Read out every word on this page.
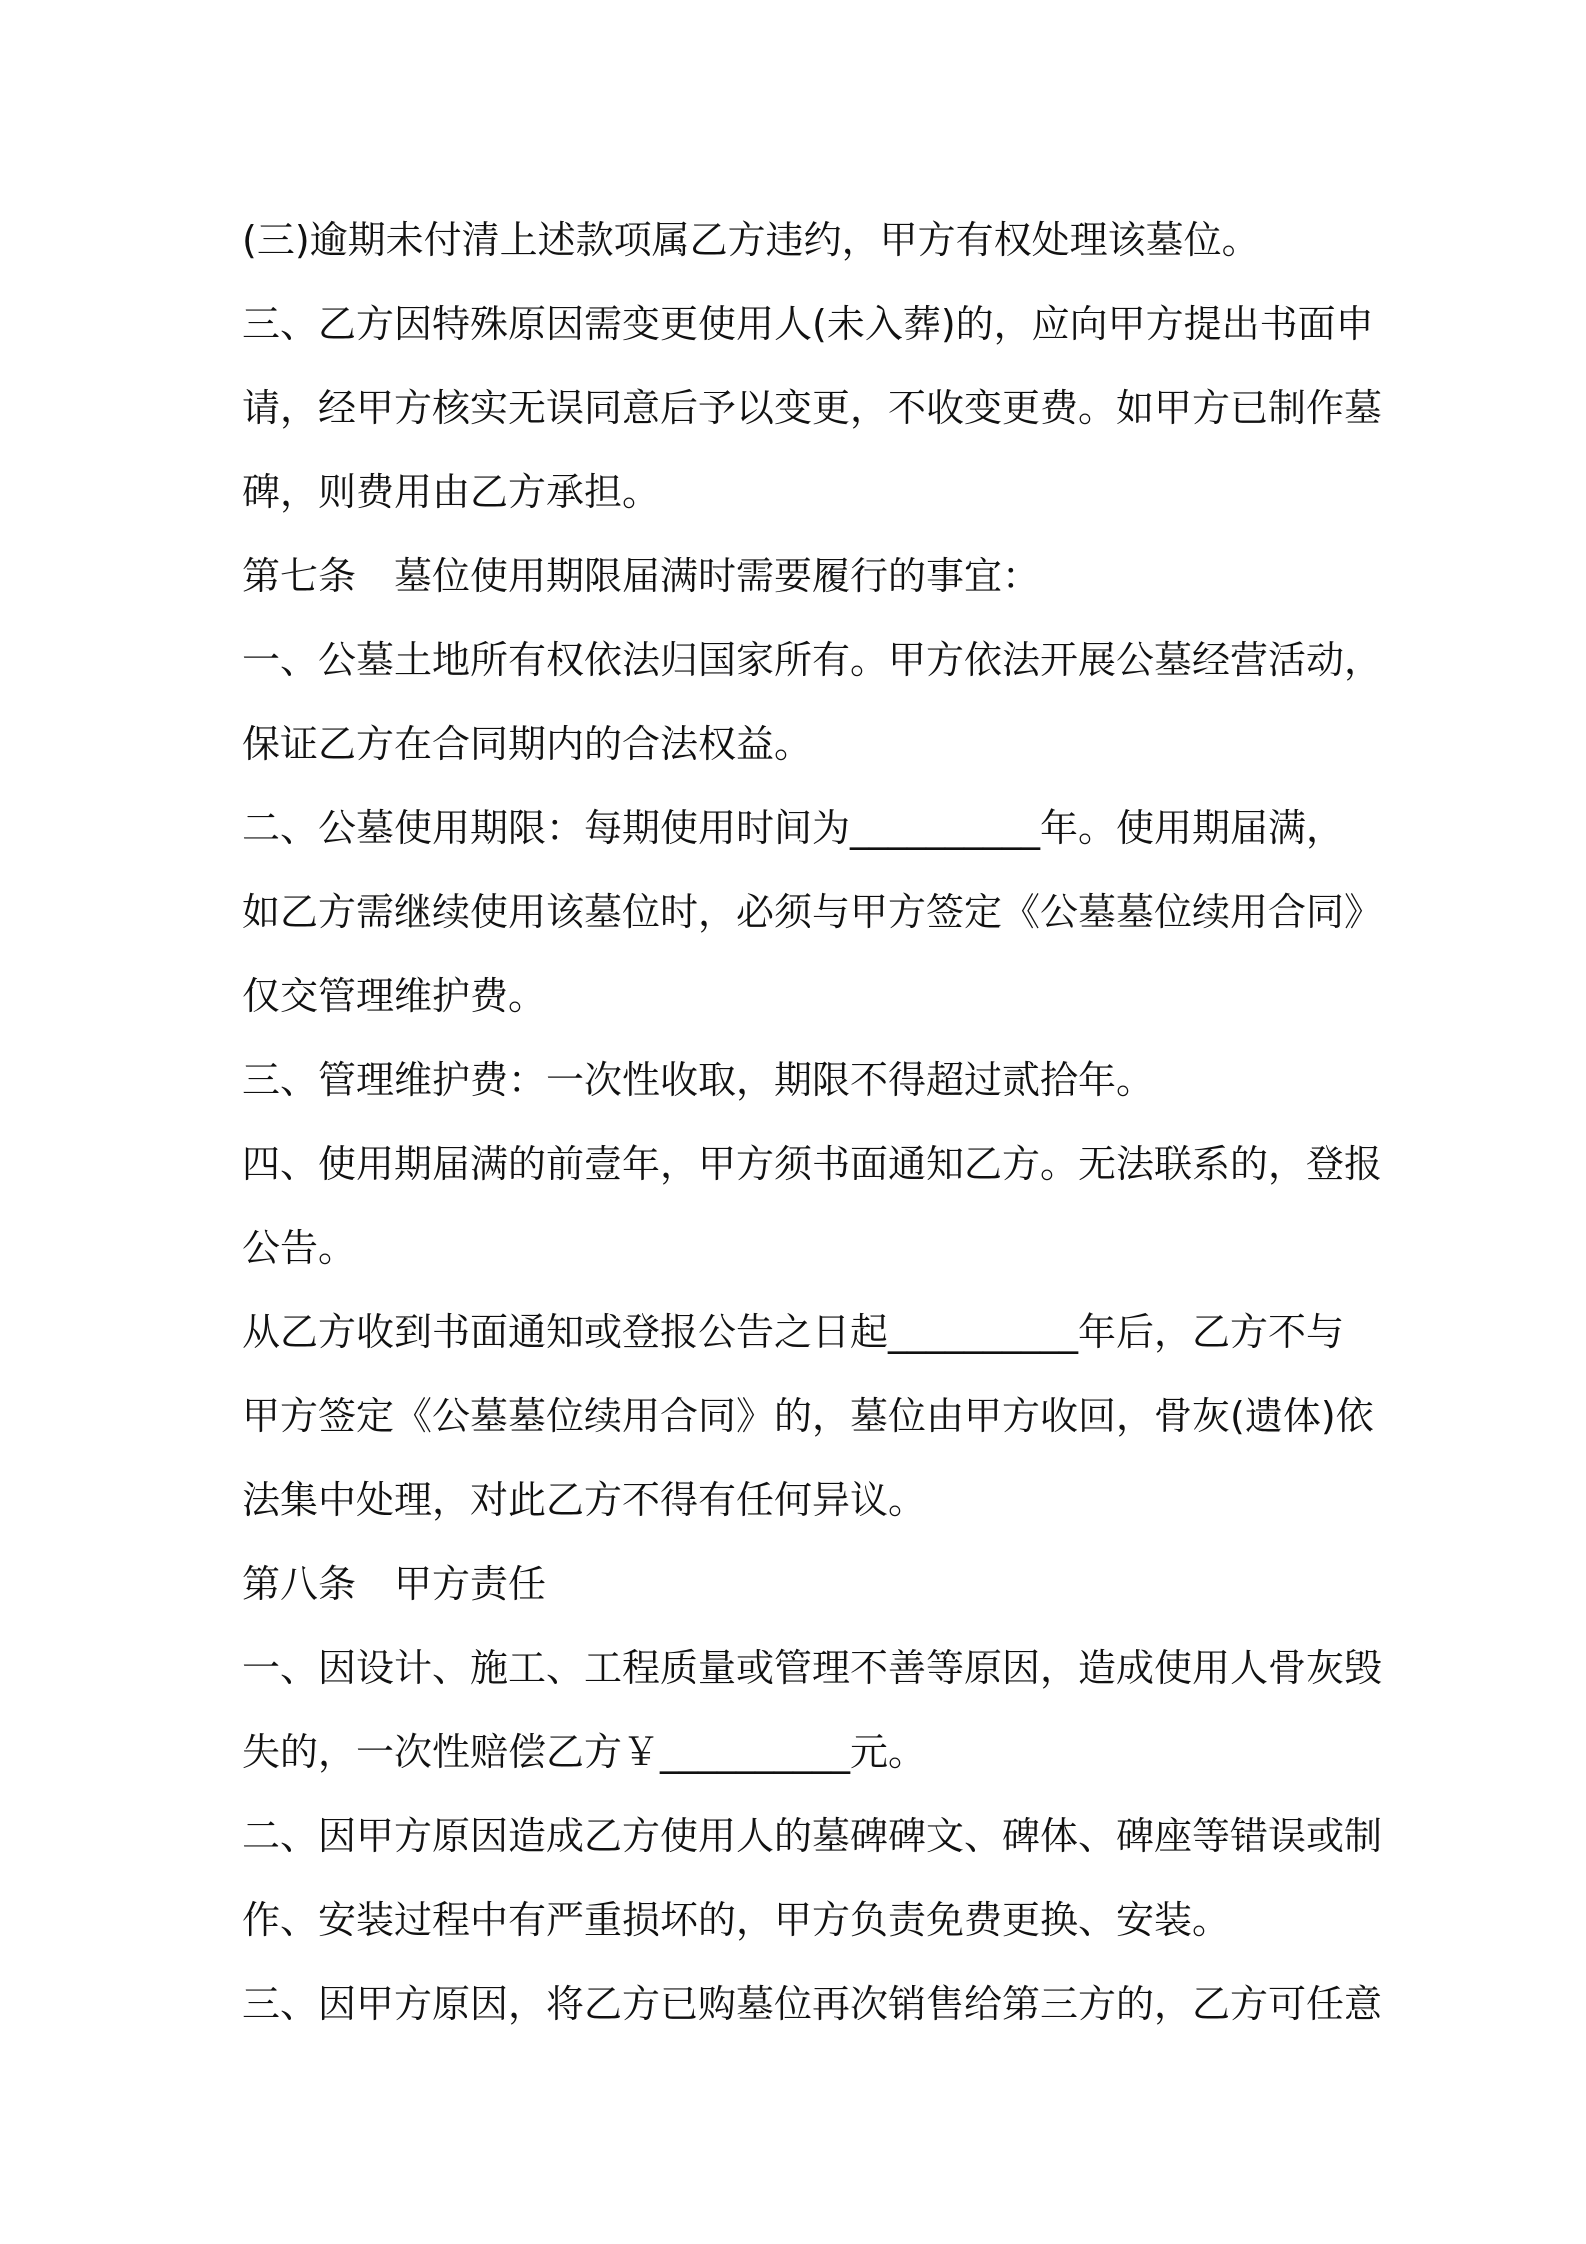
(三)逾期未付清上述款项属乙方违约，甲方有权处理该墓位。
三、乙方因特殊原因需变更使用人(未入葬)的，应向甲方提出书面申
请，经甲方核实无误同意后予以变更，不收变更费。如甲方已制作墓
碑，则费用由乙方承担。
第七条　墓位使用期限届满时需要履行的事宜：
一、公墓土地所有权依法归国家所有。甲方依法开展公墓经营活动，
保证乙方在合同期内的合法权益。
二、公墓使用期限：每期使用时间为__________年。使用期届满，
如乙方需继续使用该墓位时，必须与甲方签定《公墓墓位续用合同》
仅交管理维护费。
三、管理维护费：一次性收取，期限不得超过贰拾年。
四、使用期届满的前壹年，甲方须书面通知乙方。无法联系的，登报
公告。
从乙方收到书面通知或登报公告之日起__________年后，乙方不与
甲方签定《公墓墓位续用合同》的，墓位由甲方收回，骨灰(遗体)依
法集中处理，对此乙方不得有任何异议。
第八条　甲方责任
一、因设计、施工、工程质量或管理不善等原因，造成使用人骨灰毁
失的，一次性赔偿乙方￥__________元。
二、因甲方原因造成乙方使用人的墓碑碑文、碑体、碑座等错误或制
作、安装过程中有严重损坏的，甲方负责免费更换、安装。
三、因甲方原因，将乙方已购墓位再次销售给第三方的，乙方可任意
